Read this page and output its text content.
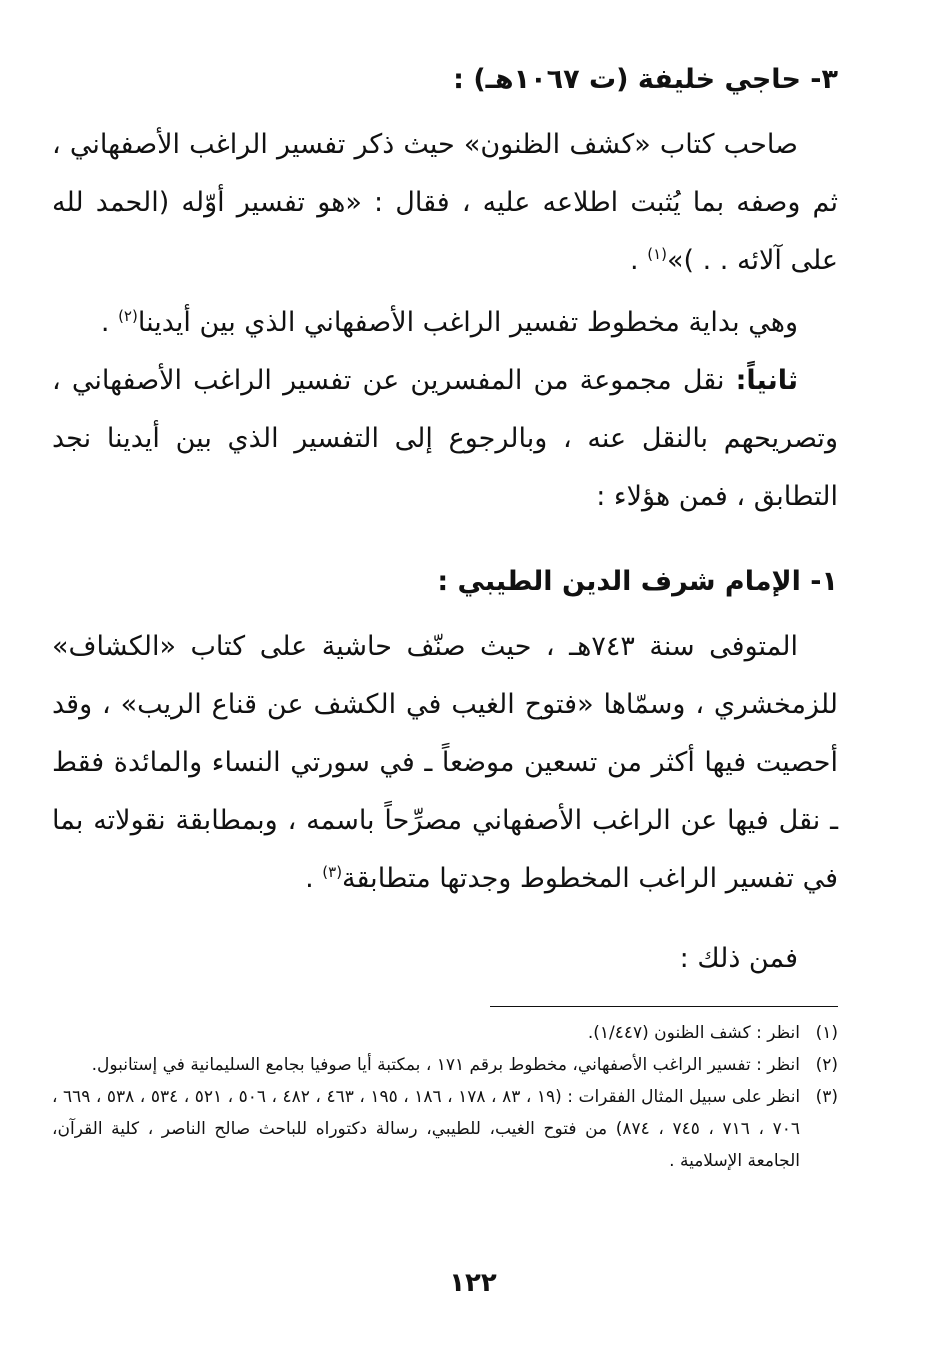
٣- حاجي خليفة (ت ١٠٦٧هـ) :

صاحب كتاب «كشف الظنون» حيث ذكر تفسير الراغب الأصفهاني ، ثم وصفه بما يُثبت اطلاعه عليه ، فقال : «هو تفسير أوّله (الحمد لله على آلائه . . )»$^{(١)}$ .

وهي بداية مخطوط تفسير الراغب الأصفهاني الذي بين أيدينا$^{(٢)}$ .

ثانياً: نقل مجموعة من المفسرين عن تفسير الراغب الأصفهاني ، وتصريحهم بالنقل عنه ، وبالرجوع إلى التفسير الذي بين أيدينا نجد التطابق ، فمن هؤلاء :

١- الإمام شرف الدين الطيبي :

المتوفى سنة ٧٤٣هـ ، حيث صنّف حاشية على كتاب «الكشاف» للزمخشري ، وسمّاها «فتوح الغيب في الكشف عن قناع الريب» ، وقد أحصيت فيها أكثر من تسعين موضعاً ـ في سورتي النساء والمائدة فقط ـ نقل فيها عن الراغب الأصفهاني مصرِّحاً باسمه ، وبمطابقة نقولاته بما في تفسير الراغب المخطوط وجدتها متطابقة$^{(٣)}$ .

فمن ذلك :
(١)
انظر : كشف الظنون (١/٤٤٧).
(٢)
انظر : تفسير الراغب الأصفهاني، مخطوط برقم ١٧١ ، بمكتبة أيا صوفيا بجامع السليمانية في إستانبول.
(٣)
انظر على سبيل المثال الفقرات : (١٩ ، ٨٣ ، ١٧٨ ، ١٨٦ ، ١٩٥ ، ٤٦٣ ، ٤٨٢ ، ٥٠٦ ، ٥٢١ ، ٥٣٤ ، ٥٣٨ ، ٦٦٩ ، ٧٠٦ ، ٧١٦ ، ٧٤٥ ، ٨٧٤) من فتوح الغيب، للطيبي، رسالة دكتوراه للباحث صالح الناصر ، كلية القرآن، الجامعة الإسلامية .
١٢٢
